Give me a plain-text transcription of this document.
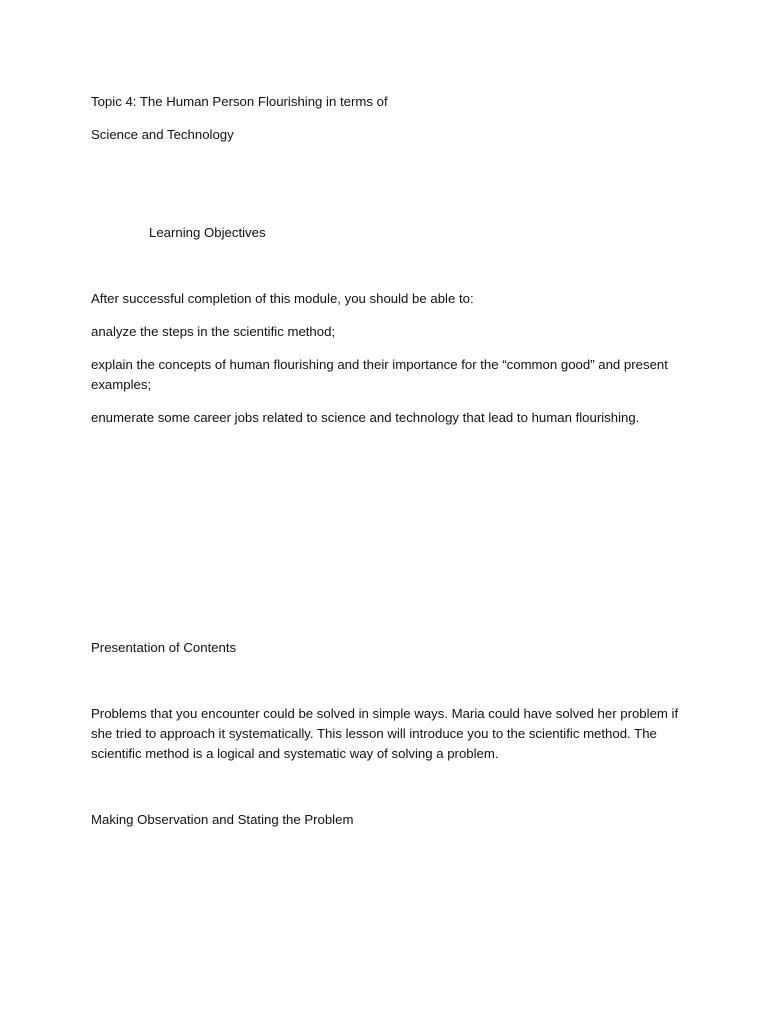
Topic 4: The Human Person Flourishing in terms of

Science and Technology

Learning Objectives

After successful completion of this module, you should be able to:

analyze the steps in the scientific method;

explain the concepts of human flourishing and their importance for the “common good” and present examples;

enumerate some career jobs related to science and technology that lead to human flourishing.

Presentation of Contents

Problems that you encounter could be solved in simple ways. Maria could have solved her problem if she tried to approach it systematically. This lesson will introduce you to the scientific method. The scientific method is a logical and systematic way of solving a problem.

Making Observation and Stating the Problem
